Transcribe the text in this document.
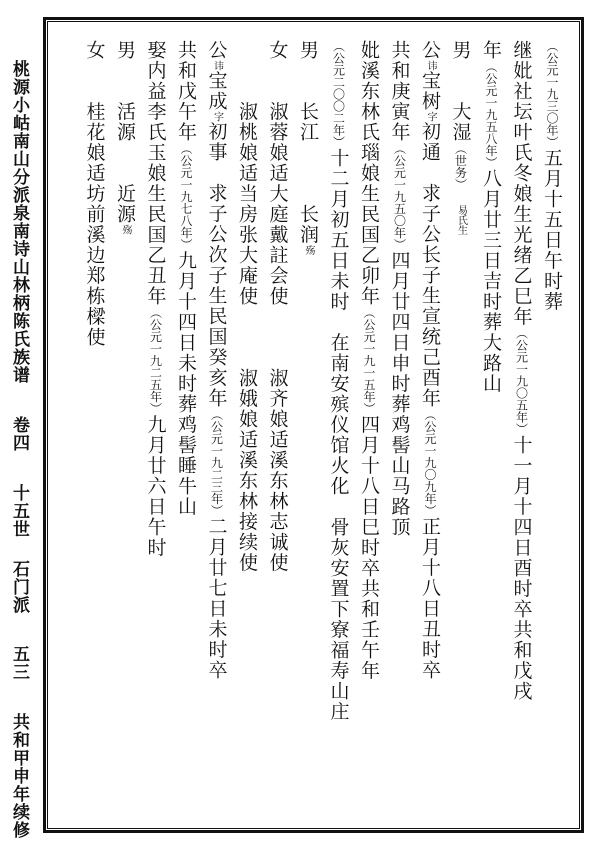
桃源小岵南山分派泉南诗山林柄陈氏族谱  卷四  十五世  石门派  五三  共和甲申年续修
（公元一九三〇年）五月十五日午时葬
继妣社坛叶氏冬娘生光绪乙巳年（公元一九〇五年）十一月十四日酉时卒共和戊戌
年（公元一九五八年）八月廿三日吉时葬大路山
男　　大湿（世务）　易氏生
公讳宝树字初通　求子公长子生宣统己酉年（公元一九〇九年）正月十八日丑时卒
共和庚寅年（公元一九五〇年）四月廿四日申时葬鸡髻山马路顶
妣溪东林氏瑙娘生民国乙卯年（公元一九一五年）四月十八日巳时卒共和壬午年
（公元二〇〇二年）十二月初五日未时　在南安殡仪馆火化　骨灰安置下寮福寿山庄
男　　长江　　　长润殇
女　　淑蓉娘适大庭戴註会使　　　淑齐娘适溪东林志诚使
　　　淑桃娘适当房张大庵使　　　淑娥娘适溪东林接续使
公讳宝成字初事　求子公次子生民国癸亥年（公元一九二三年）二月廿七日未时卒
共和戊午年（公元一九七八年）九月十四日未时葬鸡髻睡牛山
娶内益李氏玉娘生民国乙丑年（公元一九二五年）九月廿六日午时
男　　活源　　近源殇
女　　桂花娘适坊前溪边郑栋樑使
